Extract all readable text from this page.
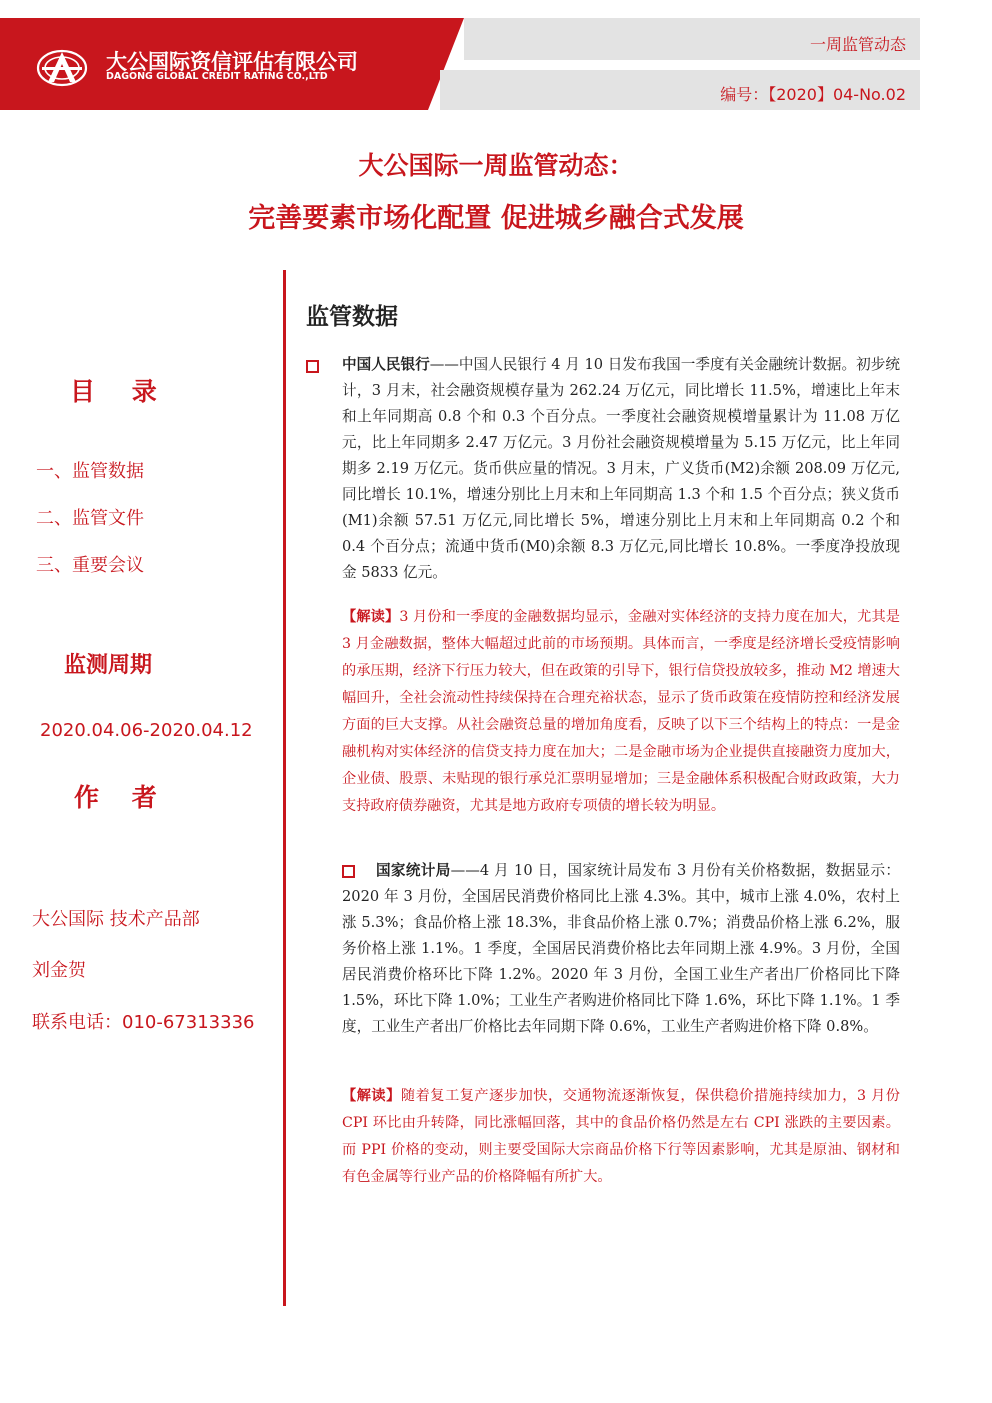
大公国际资信评估有限公司
DAGONG GLOBAL CREDIT RATING CO.,LTD
一周监管动态
编号：【2020】04-No.02
大公国际一周监管动态：
完善要素市场化配置 促进城乡融合式发展
目 录
一、监管数据
二、监管文件
三、重要会议
监测周期
2020.04.06-2020.04.12
作 者
大公国际 技术产品部
刘金贺
联系电话：010-67313336
监管数据
中国人民银行——中国人民银行 4 月 10 日发布我国一季度有关金融统计数据。初步统计，3 月末，社会融资规模存量为 262.24 万亿元，同比增长 11.5%，增速比上年末和上年同期高 0.8 个和 0.3 个百分点。一季度社会融资规模增量累计为 11.08 万亿元，比上年同期多 2.47 万亿元。3 月份社会融资规模增量为 5.15 万亿元，比上年同期多 2.19 万亿元。货币供应量的情况。3 月末，广义货币(M2)余额 208.09 万亿元,同比增长 10.1%，增速分别比上月末和上年同期高 1.3 个和 1.5 个百分点；狭义货币(M1)余额 57.51 万亿元,同比增长 5%，增速分别比上月末和上年同期高 0.2 个和 0.4 个百分点；流通中货币(M0)余额 8.3 万亿元,同比增长 10.8%。一季度净投放现金 5833 亿元。
【解读】3 月份和一季度的金融数据均显示，金融对实体经济的支持力度在加大，尤其是 3 月金融数据，整体大幅超过此前的市场预期。具体而言，一季度是经济增长受疫情影响的承压期，经济下行压力较大，但在政策的引导下，银行信贷投放较多，推动 M2 增速大幅回升，全社会流动性持续保持在合理充裕状态，显示了货币政策在疫情防控和经济发展方面的巨大支撑。从社会融资总量的增加角度看，反映了以下三个结构上的特点：一是金融机构对实体经济的信贷支持力度在加大；二是金融市场为企业提供直接融资力度加大，企业债、股票、未贴现的银行承兑汇票明显增加；三是金融体系积极配合财政政策，大力支持政府债券融资，尤其是地方政府专项债的增长较为明显。
国家统计局——4 月 10 日，国家统计局发布 3 月份有关价格数据，数据显示：2020 年 3 月份，全国居民消费价格同比上涨 4.3%。其中，城市上涨 4.0%，农村上涨 5.3%；食品价格上涨 18.3%，非食品价格上涨 0.7%；消费品价格上涨 6.2%，服务价格上涨 1.1%。1 季度，全国居民消费价格比去年同期上涨 4.9%。3 月份，全国居民消费价格环比下降 1.2%。2020 年 3 月份，全国工业生产者出厂价格同比下降 1.5%，环比下降 1.0%；工业生产者购进价格同比下降 1.6%，环比下降 1.1%。1 季度，工业生产者出厂价格比去年同期下降 0.6%，工业生产者购进价格下降 0.8%。
【解读】随着复工复产逐步加快，交通物流逐渐恢复，保供稳价措施持续加力，3 月份 CPI 环比由升转降，同比涨幅回落，其中的食品价格仍然是左右 CPI 涨跌的主要因素。而 PPI 价格的变动，则主要受国际大宗商品价格下行等因素影响，尤其是原油、钢材和有色金属等行业产品的价格降幅有所扩大。
